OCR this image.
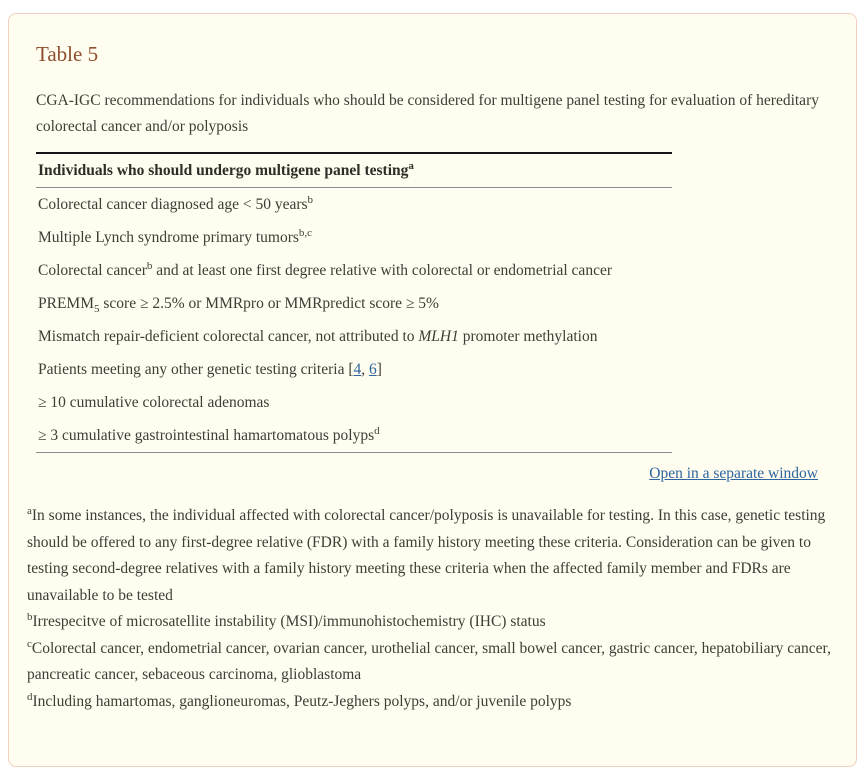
Table 5

CGA-IGC recommendations for individuals who should be considered for multigene panel testing for evaluation of hereditary colorectal cancer and/or polyposis

Individuals who should undergo multigene panel testing$^a$
Colorectal cancer diagnosed age < 50 years$^b$
Multiple Lynch syndrome primary tumors$^{b,c}$
Colorectal cancer$^b$ and at least one first degree relative with colorectal or endometrial cancer
$PREMM_5$ score ≥ 2.5% or MMRpro or MMRpredict score ≥ 5%
Mismatch repair-deficient colorectal cancer, not attributed to MLH1 promoter methylation
Patients meeting any other genetic testing criteria [4, 6]
≥ 10 cumulative colorectal adenomas
≥ 3 cumulative gastrointestinal hamartomatous polyps$^d$
Open in a separate window

$^a$In some instances, the individual affected with colorectal cancer/polyposis is unavailable for testing. In this case, genetic testing should be offered to any first-degree relative (FDR) with a family history meeting these criteria. Consideration can be given to testing second-degree relatives with a family history meeting these criteria when the affected family member and FDRs are unavailable to be tested

$^b$Irrespecitve of microsatellite instability (MSI)/immunohistochemistry (IHC) status

$^c$Colorectal cancer, endometrial cancer, ovarian cancer, urothelial cancer, small bowel cancer, gastric cancer, hepatobiliary cancer, pancreatic cancer, sebaceous carcinoma, glioblastoma

$^d$Including hamartomas, ganglioneuromas, Peutz-Jeghers polyps, and/or juvenile polyps
